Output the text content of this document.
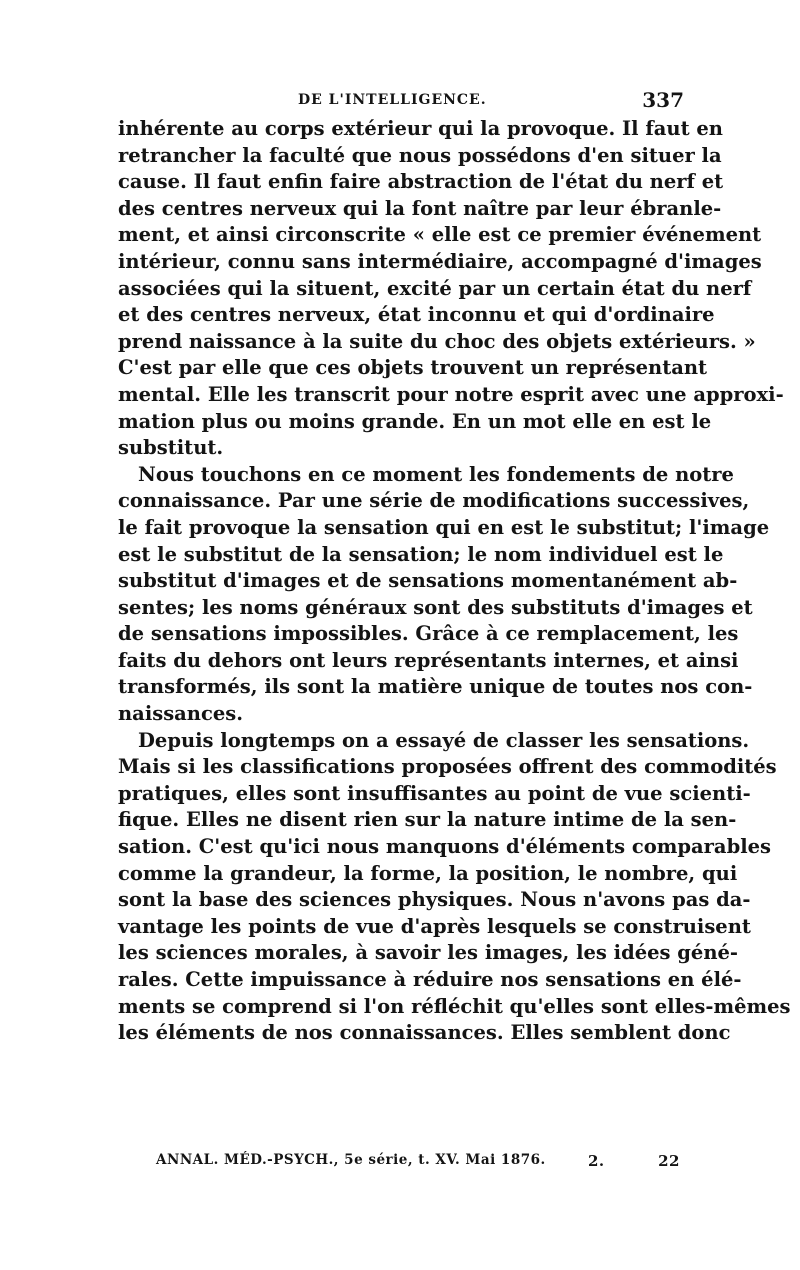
DE L'INTELLIGENCE.	337
inhérente au corps extérieur qui la provoque. Il faut en
retrancher la faculté que nous possédons d'en situer la
cause. Il faut enfin faire abstraction de l'état du nerf et
des centres nerveux qui la font naître par leur ébranle-
ment, et ainsi circonscrite « elle est ce premier événement
intérieur, connu sans intermédiaire, accompagné d'images
associées qui la situent, excité par un certain état du nerf
et des centres nerveux, état inconnu et qui d'ordinaire
prend naissance à la suite du choc des objets extérieurs. »
C'est par elle que ces objets trouvent un représentant
mental. Elle les transcrit pour notre esprit avec une approxi-
mation plus ou moins grande. En un mot elle en est le
substitut.
Nous touchons en ce moment les fondements de notre
connaissance. Par une série de modifications successives,
le fait provoque la sensation qui en est le substitut; l'image
est le substitut de la sensation; le nom individuel est le
substitut d'images et de sensations momentanément ab-
sentes; les noms généraux sont des substituts d'images et
de sensations impossibles. Grâce à ce remplacement, les
faits du dehors ont leurs représentants internes, et ainsi
transformés, ils sont la matière unique de toutes nos con-
naissances.
Depuis longtemps on a essayé de classer les sensations.
Mais si les classifications proposées offrent des commodités
pratiques, elles sont insuffisantes au point de vue scienti-
fique. Elles ne disent rien sur la nature intime de la sen-
sation. C'est qu'ici nous manquons d'éléments comparables
comme la grandeur, la forme, la position, le nombre, qui
sont la base des sciences physiques. Nous n'avons pas da-
vantage les points de vue d'après lesquels se construisent
les sciences morales, à savoir les images, les idées géné-
rales. Cette impuissance à réduire nos sensations en élé-
ments se comprend si l'on réfléchit qu'elles sont elles-mêmes
les éléments de nos connaissances. Elles semblent donc
ANNAL. MÉD.-PSYCH., 5e série, t. XV. Mai 1876.	2.	22
